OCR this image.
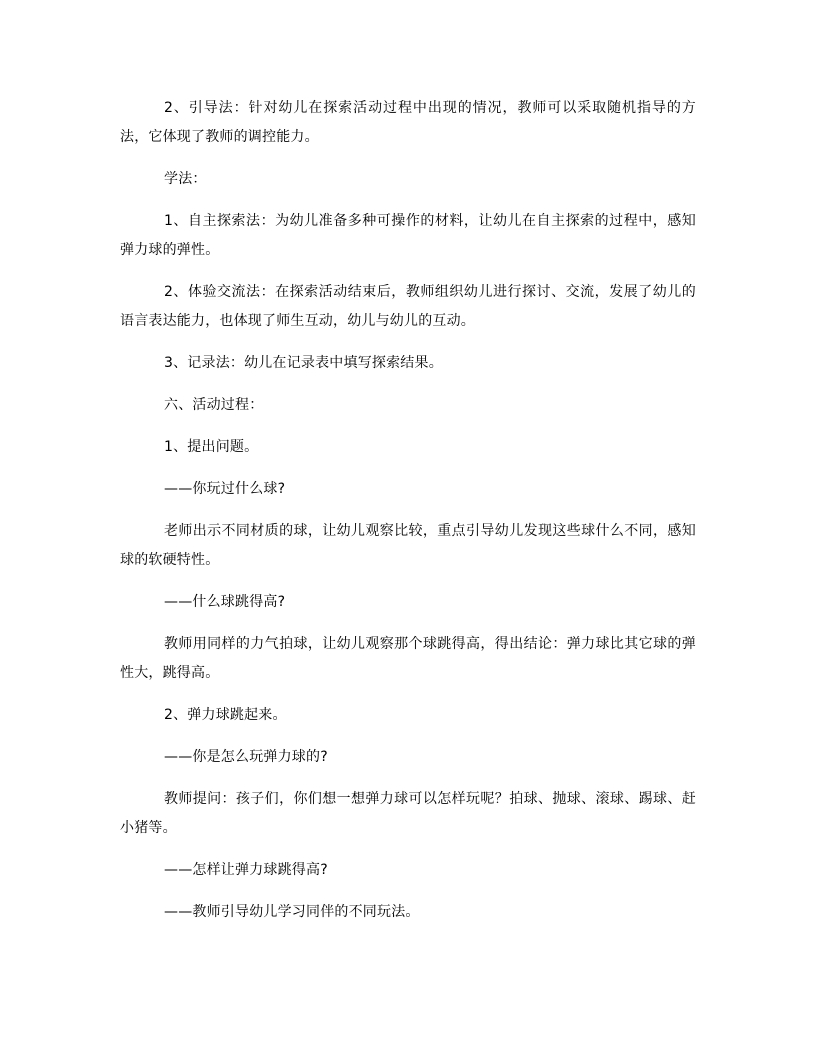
2、引导法：针对幼儿在探索活动过程中出现的情况，教师可以采取随机指导的方法，它体现了教师的调控能力。

学法：

1、自主探索法：为幼儿准备多种可操作的材料，让幼儿在自主探索的过程中，感知弹力球的弹性。

2、体验交流法：在探索活动结束后，教师组织幼儿进行探讨、交流，发展了幼儿的语言表达能力，也体现了师生互动，幼儿与幼儿的互动。

3、记录法：幼儿在记录表中填写探索结果。

六、活动过程：

1、提出问题。

——你玩过什么球?

老师出示不同材质的球，让幼儿观察比较，重点引导幼儿发现这些球什么不同，感知球的软硬特性。

——什么球跳得高?

教师用同样的力气拍球，让幼儿观察那个球跳得高，得出结论：弹力球比其它球的弹性大，跳得高。

2、弹力球跳起来。

——你是怎么玩弹力球的?

教师提问：孩子们，你们想一想弹力球可以怎样玩呢？拍球、抛球、滚球、踢球、赶小猪等。

——怎样让弹力球跳得高?

——教师引导幼儿学习同伴的不同玩法。
